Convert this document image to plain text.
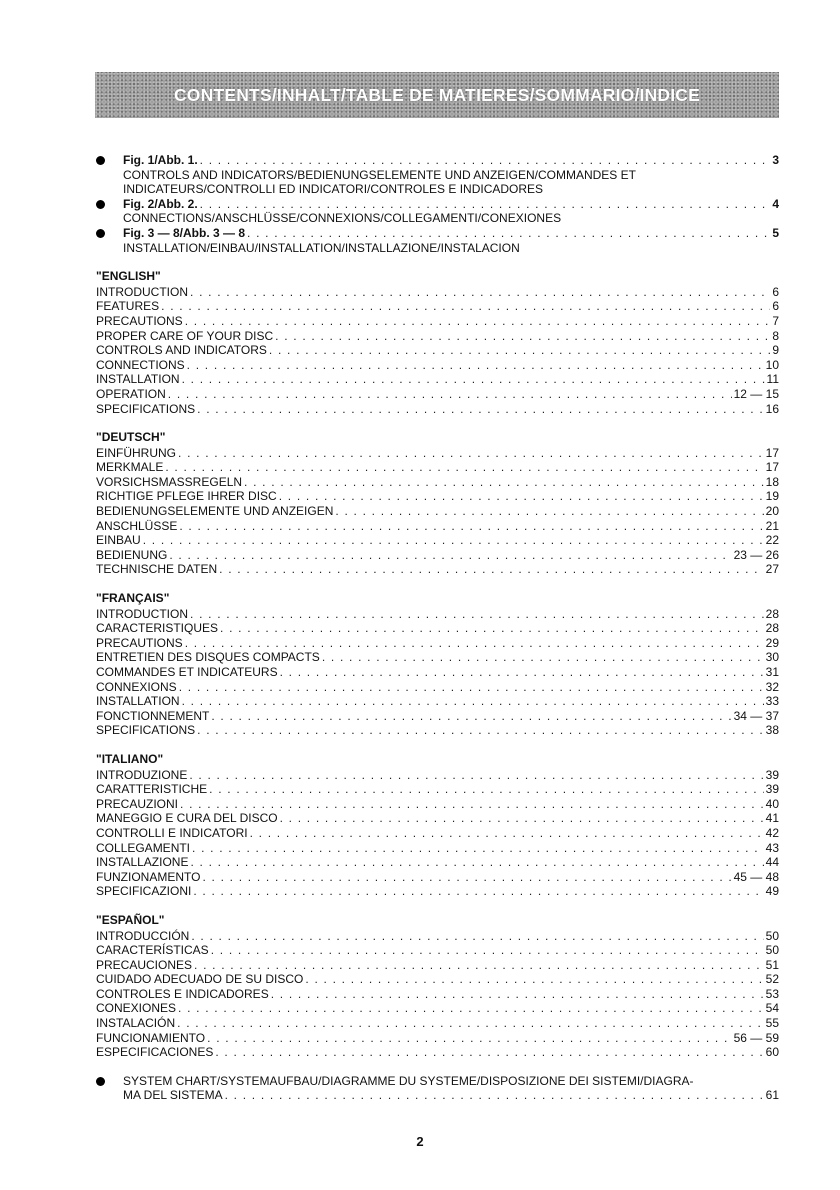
CONTENTS/INHALT/TABLE DE MATIERES/SOMMARIO/INDICE
Fig. 1/Abb. 1. . . .	3
CONTROLS AND INDICATORS/BEDIENUNGSELEMENTE UND ANZEIGEN/COMMANDES ET INDICATEURS/CONTROLLI ED INDICATORI/CONTROLES E INDICADORES
Fig. 2/Abb. 2. . . .	4
CONNECTIONS/ANSCHLÜSSE/CONNEXIONS/COLLEGAMENTI/CONEXIONES
Fig. 3 — 8/Abb. 3 — 8 . . .	5
INSTALLATION/EINBAU/INSTALLATION/INSTALLAZIONE/INSTALACION
"ENGLISH"
INTRODUCTION . . .	6
FEATURES . . .	6
PRECAUTIONS . . .	7
PROPER CARE OF YOUR DISC . . .	8
CONTROLS AND INDICATORS . . .	9
CONNECTIONS . . .	10
INSTALLATION . . .	11
OPERATION . . .	12 — 15
SPECIFICATIONS . . .	16
"DEUTSCH"
EINFÜHRUNG . . .	17
MERKMALE . . .	17
VORSICHSMASSREGELN . . .	18
RICHTIGE PFLEGE IHRER DISC . . .	19
BEDIENUNGSELEMENTE UND ANZEIGEN . . .	20
ANSCHLÜSSE . . .	21
EINBAU . . .	22
BEDIENUNG . . .	23 — 26
TECHNISCHE DATEN . . .	27
"FRANÇAIS"
INTRODUCTION . . .	28
CARACTERISTIQUES . . .	28
PRECAUTIONS . . .	29
ENTRETIEN DES DISQUES COMPACTS . . .	30
COMMANDES ET INDICATEURS . . .	31
CONNEXIONS . . .	32
INSTALLATION . . .	33
FONCTIONNEMENT . . .	34 — 37
SPECIFICATIONS . . .	38
"ITALIANO"
INTRODUZIONE . . .	39
CARATTERISTICHE . . .	39
PRECAUZIONI . . .	40
MANEGGIO E CURA DEL DISCO . . .	41
CONTROLLI E INDICATORI . . .	42
COLLEGAMENTI . . .	43
INSTALLAZIONE . . .	44
FUNZIONAMENTO . . .	45 — 48
SPECIFICAZIONI . . .	49
"ESPAÑOL"
INTRODUCCIÓN . . .	50
CARACTERÍSTICAS . . .	50
PRECAUCIONES . . .	51
CUIDADO ADECUADO DE SU DISCO . . .	52
CONTROLES E INDICADORES . . .	53
CONEXIONES . . .	54
INSTALACIÓN . . .	55
FUNCIONAMIENTO . . .	56 — 59
ESPECIFICACIONES . . .	60
SYSTEM CHART/SYSTEMAUFBAU/DIAGRAMME DU SYSTEME/DISPOSIZIONE DEI SISTEMI/DIAGRA-
MA DEL SISTEMA . . .	61
2
